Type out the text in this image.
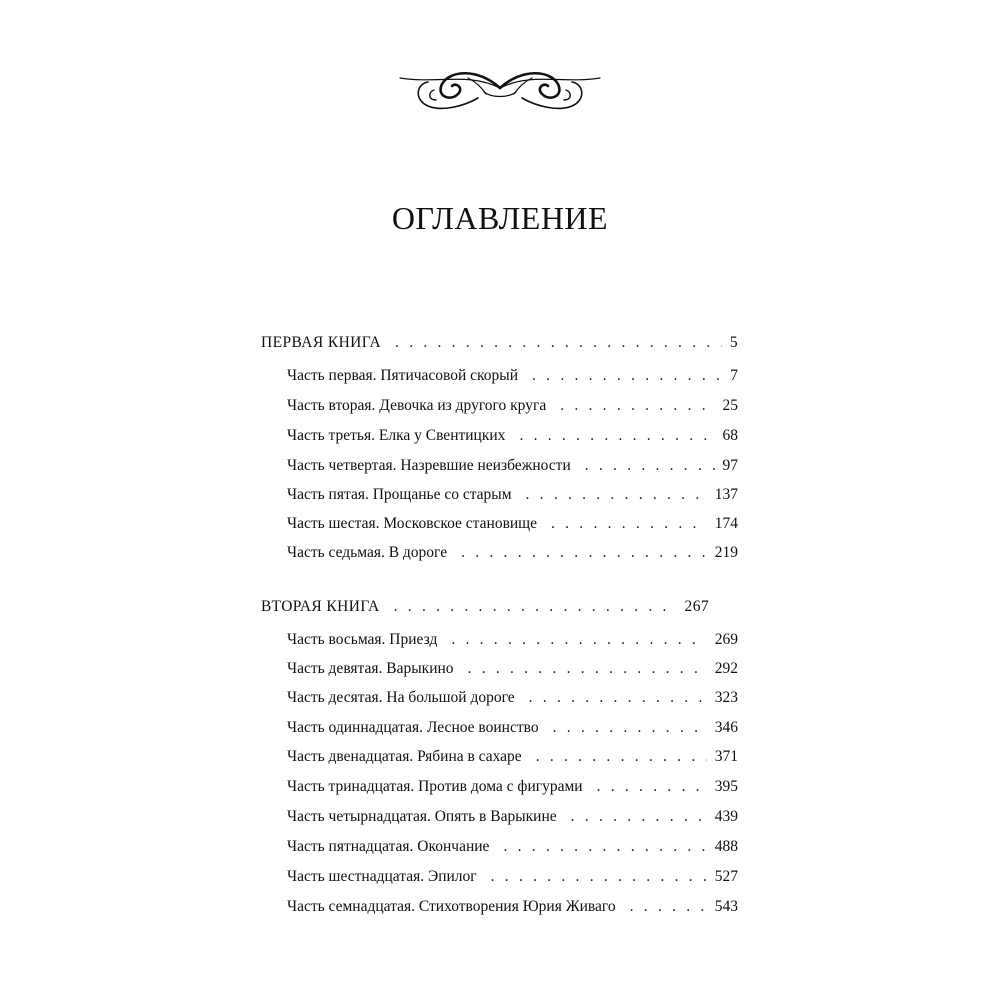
ОГЛАВЛЕНИЕ
ПЕРВАЯ КНИГА . . .	5
Часть первая. Пятичасовой скорый . . .	7
Часть вторая. Девочка из другого круга . . .	25
Часть третья. Елка у Свентицких . . .	68
Часть четвертая. Назревшие неизбежности . . .	97
Часть пятая. Прощанье со старым . . .	137
Часть шестая. Московское становище . . .	174
Часть седьмая. В дороге . . .	219
ВТОРАЯ КНИГА . . .	267
Часть восьмая. Приезд . . .	269
Часть девятая. Варыкино . . .	292
Часть десятая. На большой дороге . . .	323
Часть одиннадцатая. Лесное воинство . . .	346
Часть двенадцатая. Рябина в сахаре . . .	371
Часть тринадцатая. Против дома с фигурами . . .	395
Часть четырнадцатая. Опять в Варыкине . . .	439
Часть пятнадцатая. Окончание . . .	488
Часть шестнадцатая. Эпилог . . .	527
Часть семнадцатая. Стихотворения Юрия Живаго . . .	543
